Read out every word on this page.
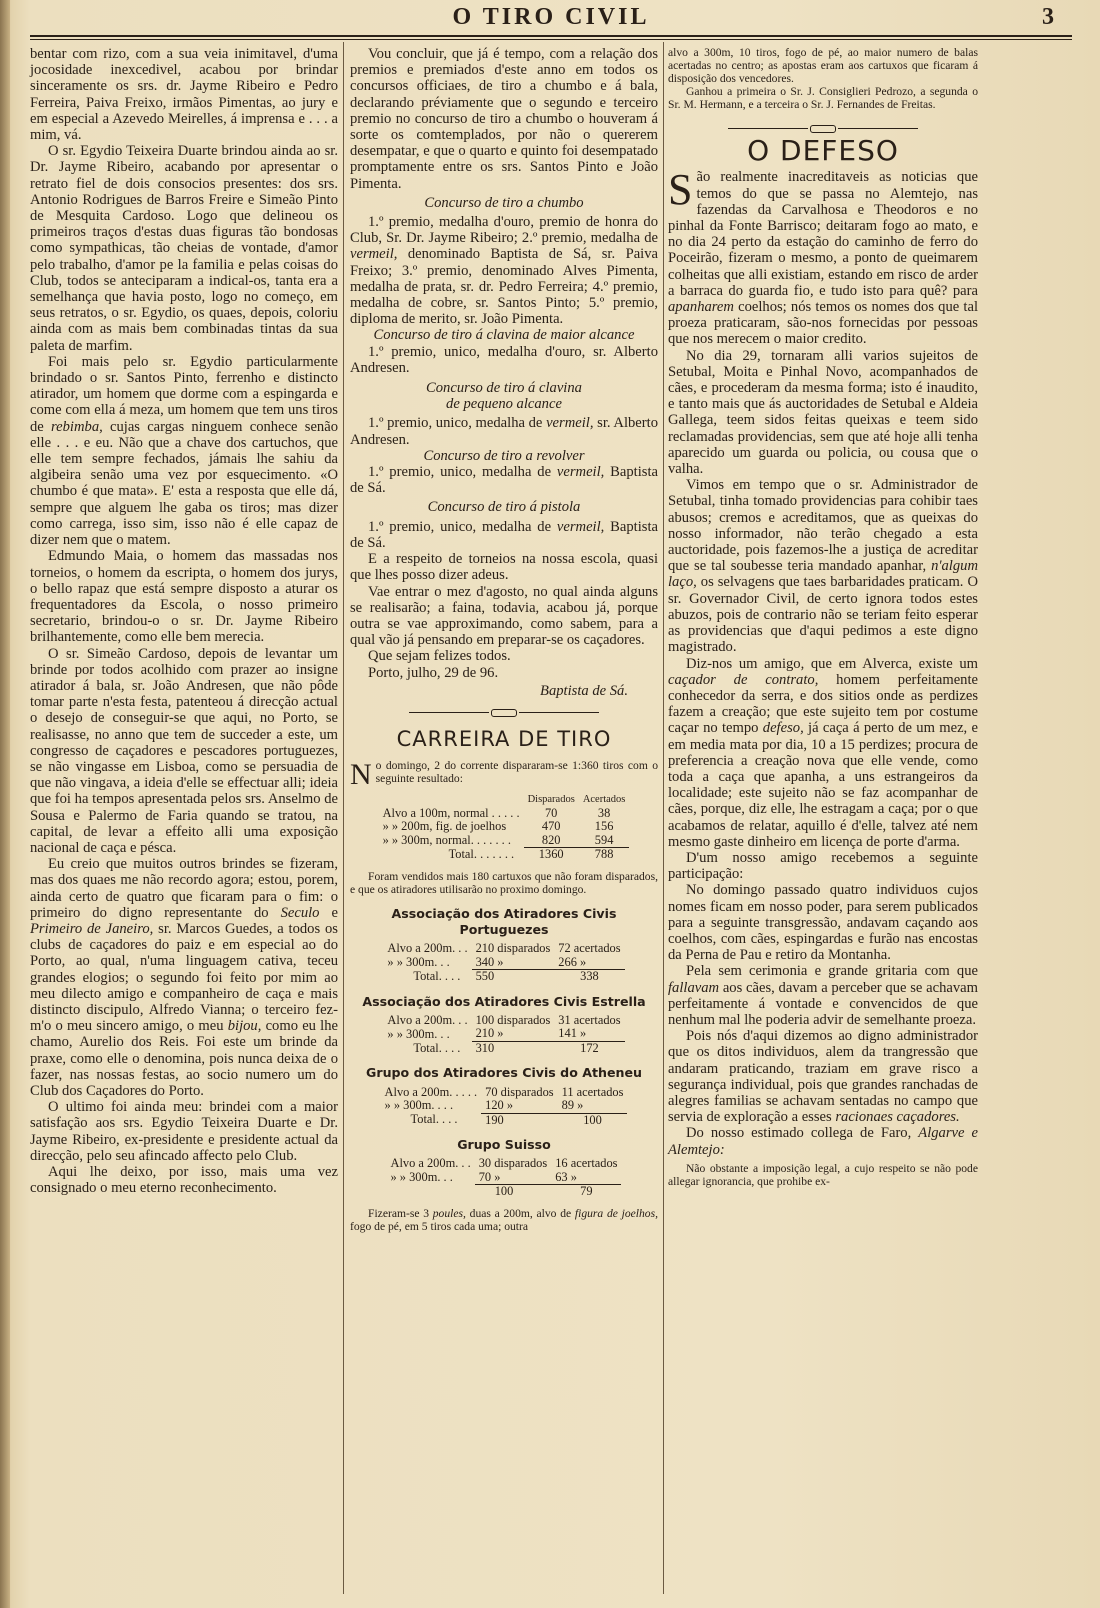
O TIRO CIVIL	3

bentar com rizo, com a sua veia inimitavel, d'uma jocosidade inexcedivel, acabou por brindar sinceramente os srs. dr. Jayme Ribeiro e Pedro Ferreira, Paiva Freixo, irmãos Pimentas, ao jury e em especial a Azevedo Meirelles, á imprensa e . . . a mim, vá.

O sr. Egydio Teixeira Duarte brindou ainda ao sr. Dr. Jayme Ribeiro, acabando por apresentar o retrato fiel de dois consocios presentes: dos srs. Antonio Rodrigues de Barros Freire e Simeão Pinto de Mesquita Cardoso. Logo que delineou os primeiros traços d'estas duas figuras tão bondosas como sympathicas, tão cheias de vontade, d'amor pelo trabalho, d'amor pe la familia e pelas coisas do Club, todos se anteciparam a indical-os, tanta era a semelhança que havia posto, logo no começo, em seus retratos, o sr. Egydio, os quaes, depois, coloriu ainda com as mais bem combinadas tintas da sua paleta de marfim.

Foi mais pelo sr. Egydio particularmente brindado o sr. Santos Pinto, ferrenho e distincto atirador, um homem que dorme com a espingarda e come com ella á meza, um homem que tem uns tiros de rebimba, cujas cargas ninguem conhece senão elle . . . e eu. Não que a chave dos cartuchos, que elle tem sempre fechados, jámais lhe sahiu da algibeira senão uma vez por esquecimento. «O chumbo é que mata». E' esta a resposta que elle dá, sempre que alguem lhe gaba os tiros; mas dizer como carrega, isso sim, isso não é elle capaz de dizer nem que o matem.

Edmundo Maia, o homem das massadas nos torneios, o homem da escripta, o homem dos jurys, o bello rapaz que está sempre disposto a aturar os frequentadores da Escola, o nosso primeiro secretario, brindou-o o sr. Dr. Jayme Ribeiro brilhantemente, como elle bem merecia.

O sr. Simeão Cardoso, depois de levantar um brinde por todos acolhido com prazer ao insigne atirador á bala, sr. João Andresen, que não pôde tomar parte n'esta festa, patenteou á direcção actual o desejo de conseguir-se que aqui, no Porto, se realisasse, no anno que tem de succeder a este, um congresso de caçadores e pescadores portuguezes, se não vingasse em Lisboa, como se persuadia de que não vingava, a ideia d'elle se effectuar alli; ideia que foi ha tempos apresentada pelos srs. Anselmo de Sousa e Palermo de Faria quando se tratou, na capital, de levar a effeito alli uma exposição nacional de caça e pésca.

Eu creio que muitos outros brindes se fizeram, mas dos quaes me não recordo agora; estou, porem, ainda certo de quatro que ficaram para o fim: o primeiro do digno representante do Seculo e Primeiro de Janeiro, sr. Marcos Guedes, a todos os clubs de caçadores do paiz e em especial ao do Porto, ao qual, n'uma linguagem cativa, teceu grandes elogios; o segundo foi feito por mim ao meu dilecto amigo e companheiro de caça e mais distincto discipulo, Alfredo Vianna; o terceiro fez-m'o o meu sincero amigo, o meu bijou, como eu lhe chamo, Aurelio dos Reis. Foi este um brinde da praxe, como elle o denomina, pois nunca deixa de o fazer, nas nossas festas, ao socio numero um do Club dos Caçadores do Porto.

O ultimo foi ainda meu: brindei com a maior satisfação aos srs. Egydio Teixeira Duarte e Dr. Jayme Ribeiro, ex-presidente e presidente actual da direcção, pelo seu afincado affecto pelo Club.

Aqui lhe deixo, por isso, mais uma vez consignado o meu eterno reconhecimento.

Vou concluir, que já é tempo, com a relação dos premios e premiados d'este anno em todos os concursos officiaes, de tiro a chumbo e á bala, declarando préviamente que o segundo e terceiro premio no concurso de tiro a chumbo o houveram á sorte os comtemplados, por não o quererem desempatar, e que o quarto e quinto foi desempatado promptamente entre os srs. Santos Pinto e João Pimenta.

Concurso de tiro a chumbo

1.º premio, medalha d'ouro, premio de honra do Club, Sr. Dr. Jayme Ribeiro; 2.º premio, medalha de vermeil, denominado Baptista de Sá, sr. Paiva Freixo; 3.º premio, denominado Alves Pimenta, medalha de prata, sr. dr. Pedro Ferreira; 4.º premio, medalha de cobre, sr. Santos Pinto; 5.º premio, diploma de merito, sr. João Pimenta.

Concurso de tiro á clavina de maior alcance

1.º premio, unico, medalha d'ouro, sr. Alberto Andresen.

Concurso de tiro á clavina

de pequeno alcance

1.º premio, unico, medalha de vermeil, sr. Alberto Andresen.

Concurso de tiro a revolver

1.º premio, unico, medalha de vermeil, Baptista de Sá.

Concurso de tiro á pistola

1.º premio, unico, medalha de vermeil, Baptista de Sá.

E a respeito de torneios na nossa escola, quasi que lhes posso dizer adeus.

Vae entrar o mez d'agosto, no qual ainda alguns se realisarão; a faina, todavia, acabou já, porque outra se vae approximando, como sabem, para a qual vão já pensando em preparar-se os caçadores.

Que sejam felizes todos.

Porto, julho, 29 de 96.

Baptista de Sá.

CARREIRA DE TIRO
No domingo, 2 do corrente dispararam-se 1:360 tiros com o seguinte resultado:
	Disparados	Acertados
Alvo a 100m, normal . . . . .	70	38
» » 200m, fig. de joelhos	470	156
» » 300m, normal. . . . . . .	820	594
Total. . . . . . .	1360	788
Foram vendidos mais 180 cartuxos que não foram disparados, e que os atiradores utilisarão no proximo domingo.
Associação dos Atiradores Civis Portuguezes
Alvo a 200m. . .	210 disparados	72 acertados
» » 300m. . .	340 »	266 »
Total. . . .	550	338
Associação dos Atiradores Civis Estrella
Alvo a 200m. . .	100 disparados	31 acertados
» » 300m. . .	210 »	141 »
Total. . . .	310	172
Grupo dos Atiradores Civis do Atheneu
Alvo a 200m. . . . .	70 disparados	11 acertados
» » 300m. . . .	120 »	89 »
Total. . . .	190	100
Grupo Suisso
Alvo a 200m. . .	30 disparados	16 acertados
» » 300m. . .	70 »	63 »
	100	79
Fizeram-se 3 poules, duas a 200m, alvo de figura de joelhos, fogo de pé, em 5 tiros cada uma; outra
alvo a 300m, 10 tiros, fogo de pé, ao maior numero de balas acertadas no centro; as apostas eram aos cartuxos que ficaram á disposição dos vencedores.
Ganhou a primeira o Sr. J. Consiglieri Pedrozo, a segunda o Sr. M. Hermann, e a terceira o Sr. J. Fernandes de Freitas.
O DEFESO

São realmente inacreditaveis as noticias que temos do que se passa no Alemtejo, nas fazendas da Carvalhosa e Theodoros e no pinhal da Fonte Barrisco; deitaram fogo ao mato, e no dia 24 perto da estação do caminho de ferro do Poceirão, fizeram o mesmo, a ponto de queimarem colheitas que alli existiam, estando em risco de arder a barraca do guarda fio, e tudo isto para quê? para apanharem coelhos; nós temos os nomes dos que tal proeza praticaram, são-nos fornecidas por pessoas que nos merecem o maior credito.

No dia 29, tornaram alli varios sujeitos de Setubal, Moita e Pinhal Novo, acompanhados de cães, e procederam da mesma forma; isto é inaudito, e tanto mais que ás auctoridades de Setubal e Aldeia Gallega, teem sidos feitas queixas e teem sido reclamadas providencias, sem que até hoje alli tenha aparecido um guarda ou policia, ou cousa que o valha.

Vimos em tempo que o sr. Administrador de Setubal, tinha tomado providencias para cohibir taes abusos; cremos e acreditamos, que as queixas do nosso informador, não terão chegado a esta auctoridade, pois fazemos-lhe a justiça de acreditar que se tal soubesse teria mandado apanhar, n'algum laço, os selvagens que taes barbaridades praticam. O sr. Governador Civil, de certo ignora todos estes abuzos, pois de contrario não se teriam feito esperar as providencias que d'aqui pedimos a este digno magistrado.

Diz-nos um amigo, que em Alverca, existe um caçador de contrato, homem perfeitamente conhecedor da serra, e dos sitios onde as perdizes fazem a creação; que este sujeito tem por costume caçar no tempo defeso, já caça á perto de um mez, e em media mata por dia, 10 a 15 perdizes; procura de preferencia a creação nova que elle vende, como toda a caça que apanha, a uns estrangeiros da localidade; este sujeito não se faz acompanhar de cães, porque, diz elle, lhe estragam a caça; por o que acabamos de relatar, aquillo é d'elle, talvez até nem mesmo gaste dinheiro em licença de porte d'arma.

D'um nosso amigo recebemos a seguinte participação:

No domingo passado quatro individuos cujos nomes ficam em nosso poder, para serem publicados para a seguinte transgressão, andavam caçando aos coelhos, com cães, espingardas e furão nas encostas da Perna de Pau e retiro da Montanha.

Pela sem cerimonia e grande gritaria com que fallavam aos cães, davam a perceber que se achavam perfeitamente á vontade e convencidos de que nenhum mal lhe poderia advir de semelhante proeza.

Pois nós d'aqui dizemos ao digno administrador que os ditos individuos, alem da trangressão que andaram praticando, traziam em grave risco a segurança individual, pois que grandes ranchadas de alegres familias se achavam sentadas no campo que servia de exploração a esses racionaes caçadores.

Do nosso estimado collega de Faro, Algarve e Alemtejo:

Não obstante a imposição legal, a cujo respeito se não pode allegar ignorancia, que prohibe ex-
